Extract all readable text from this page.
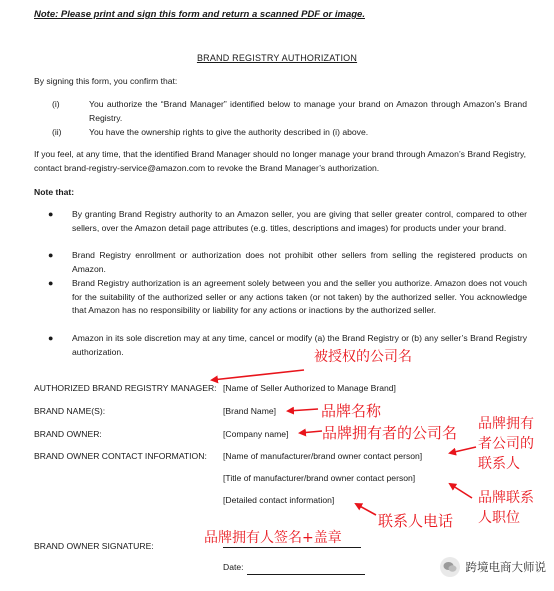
Note: Please print and sign this form and return a scanned PDF or image.
BRAND REGISTRY AUTHORIZATION
By signing this form, you confirm that:
(i)	You authorize the “Brand Manager” identified below to manage your brand on Amazon through Amazon’s Brand Registry.
(ii)	You have the ownership rights to give the authority described in (i) above.
If you feel, at any time, that the identified Brand Manager should no longer manage your brand through Amazon’s Brand Registry, contact brand-registry-service@amazon.com to revoke the Brand Manager’s authorization.
Note that:
● By granting Brand Registry authority to an Amazon seller, you are giving that seller greater control, compared to other sellers, over the Amazon detail page attributes (e.g. titles, descriptions and images) for products under your brand.
● Brand Registry enrollment or authorization does not prohibit other sellers from selling the registered products on Amazon.
● Brand Registry authorization is an agreement solely between you and the seller you authorize. Amazon does not vouch for the suitability of the authorized seller or any actions taken (or not taken) by the authorized seller. You acknowledge that Amazon has no responsibility or liability for any actions or inactions by the authorized seller.
● Amazon in its sole discretion may at any time, cancel or modify (a) the Brand Registry or (b) any seller’s Brand Registry authorization.
AUTHORIZED BRAND REGISTRY MANAGER: [Name of Seller Authorized to Manage Brand]
BRAND NAME(S):	[Brand Name]
BRAND OWNER:	[Company name]
BRAND OWNER CONTACT INFORMATION: [Name of manufacturer/brand owner contact person]
[Title of manufacturer/brand owner contact person]
[Detailed contact information]
BRAND OWNER SIGNATURE:
Date:
被授权的公司名
品牌名称
品牌拥有者的公司名 品牌拥有
者公司的
联系人
品牌联系
人职位
联系人电话
品牌拥有人签名+盖章
跨境电商大师说
